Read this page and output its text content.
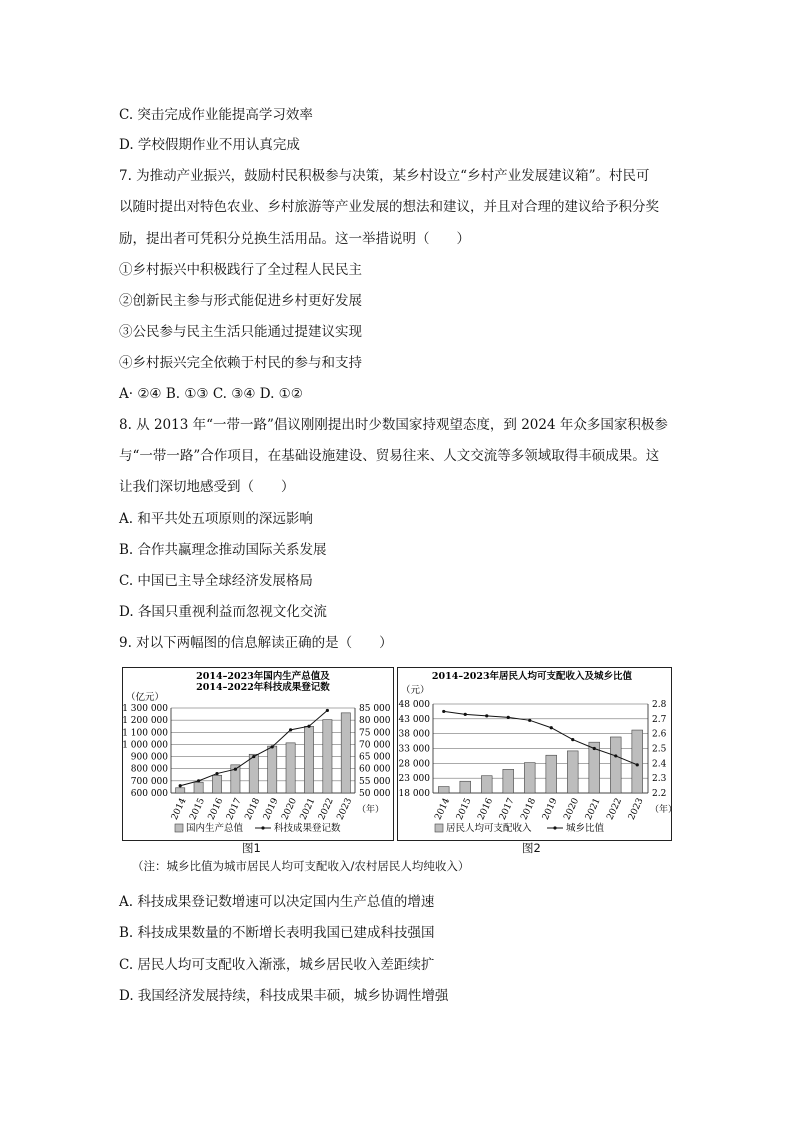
C. 突击完成作业能提高学习效率
D. 学校假期作业不用认真完成
7. 为推动产业振兴，鼓励村民积极参与决策，某乡村设立“乡村产业发展建议箱”。村民可
以随时提出对特色农业、乡村旅游等产业发展的想法和建议，并且对合理的建议给予积分奖
励，提出者可凭积分兑换生活用品。这一举措说明（　　）
①乡村振兴中积极践行了全过程人民民主
②创新民主参与形式能促进乡村更好发展
③公民参与民主生活只能通过提建议实现
④乡村振兴完全依赖于村民的参与和支持
A· ②④ B. ①③ C. ③④ D. ①②
8. 从 2013 年“一带一路”倡议刚刚提出时少数国家持观望态度，到 2024 年众多国家积极参
与“一带一路”合作项目，在基础设施建设、贸易往来、人文交流等多领域取得丰硕成果。这
让我们深切地感受到（　　）
A. 和平共处五项原则的深远影响
B. 合作共赢理念推动国际关系发展
C. 中国已主导全球经济发展格局
D. 各国只重视利益而忽视文化交流
9. 对以下两幅图的信息解读正确的是（　　）
2014–2023年国内生产总值及
2014–2022年科技成果登记数
（亿元）
1 300 000
1 200 000
1 100 000
1 000 000
900 000
800 000
700 000
600 000
85 000
80 000
75 000
70 000
65 000
60 000
55 000
50 000
2014 2015 2016 2017 2018 2019 2020 2021 2022 2023 （年）
国内生产总值	科技成果登记数
2014–2023年居民人均可支配收入及城乡比值
（元）
48 000
43 000
38 000
33 000
28 000
23 000
18 000
2.8
2.7
2.6
2.5
2.4
2.3
2.2
2014 2015 2016 2017 2018 2019 2020 2021 2022 2023 （年）
居民人均可支配收入	城乡比值
图1	图2
（注：城乡比值为城市居民人均可支配收入/农村居民人均纯收入）
A. 科技成果登记数增速可以决定国内生产总值的增速
B. 科技成果数量的不断增长表明我国已建成科技强国
C. 居民人均可支配收入渐涨，城乡居民收入差距续扩
D. 我国经济发展持续，科技成果丰硕，城乡协调性增强
